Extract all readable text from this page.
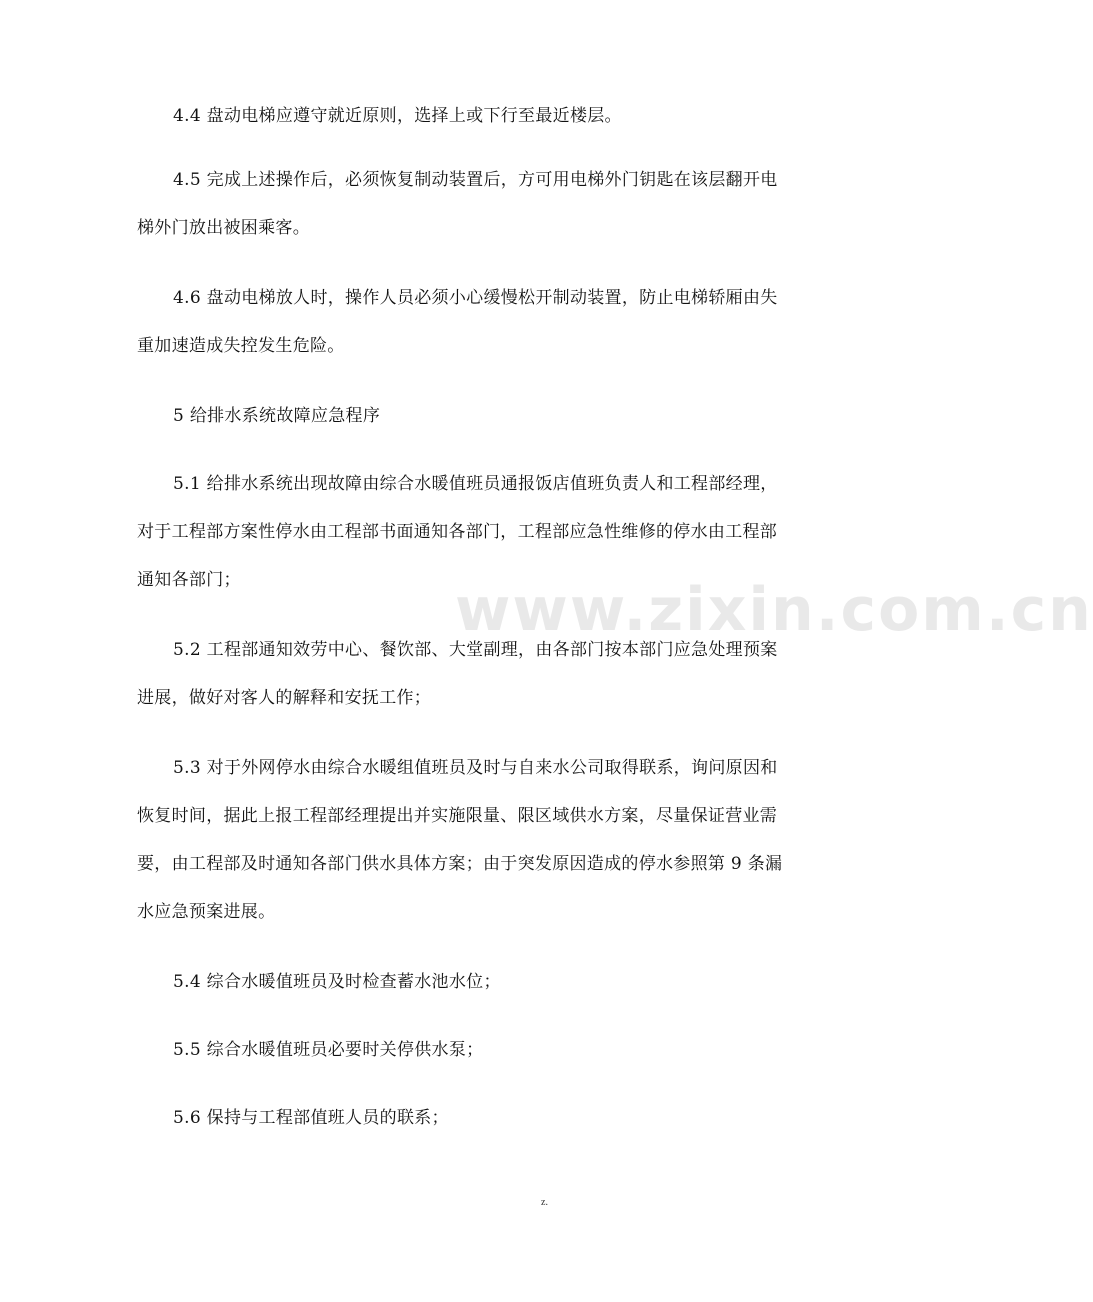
www.zixin.com.cn

4.4 盘动电梯应遵守就近原则，选择上或下行至最近楼层。

4.5 完成上述操作后，必须恢复制动装置后，方可用电梯外门钥匙在该层翻开电

梯外门放出被困乘客。

4.6 盘动电梯放人时，操作人员必须小心缓慢松开制动装置，防止电梯轿厢由失

重加速造成失控发生危险。

5 给排水系统故障应急程序

5.1 给排水系统出现故障由综合水暖值班员通报饭店值班负责人和工程部经理，

对于工程部方案性停水由工程部书面通知各部门，工程部应急性维修的停水由工程部

通知各部门；

5.2 工程部通知效劳中心、餐饮部、大堂副理，由各部门按本部门应急处理预案

进展，做好对客人的解释和安抚工作；

5.3 对于外网停水由综合水暖组值班员及时与自来水公司取得联系，询问原因和

恢复时间，据此上报工程部经理提出并实施限量、限区域供水方案，尽量保证营业需

要，由工程部及时通知各部门供水具体方案；由于突发原因造成的停水参照第 9 条漏

水应急预案进展。

5.4 综合水暖值班员及时检查蓄水池水位；

5.5 综合水暖值班员必要时关停供水泵；

5.6 保持与工程部值班人员的联系；

z.
